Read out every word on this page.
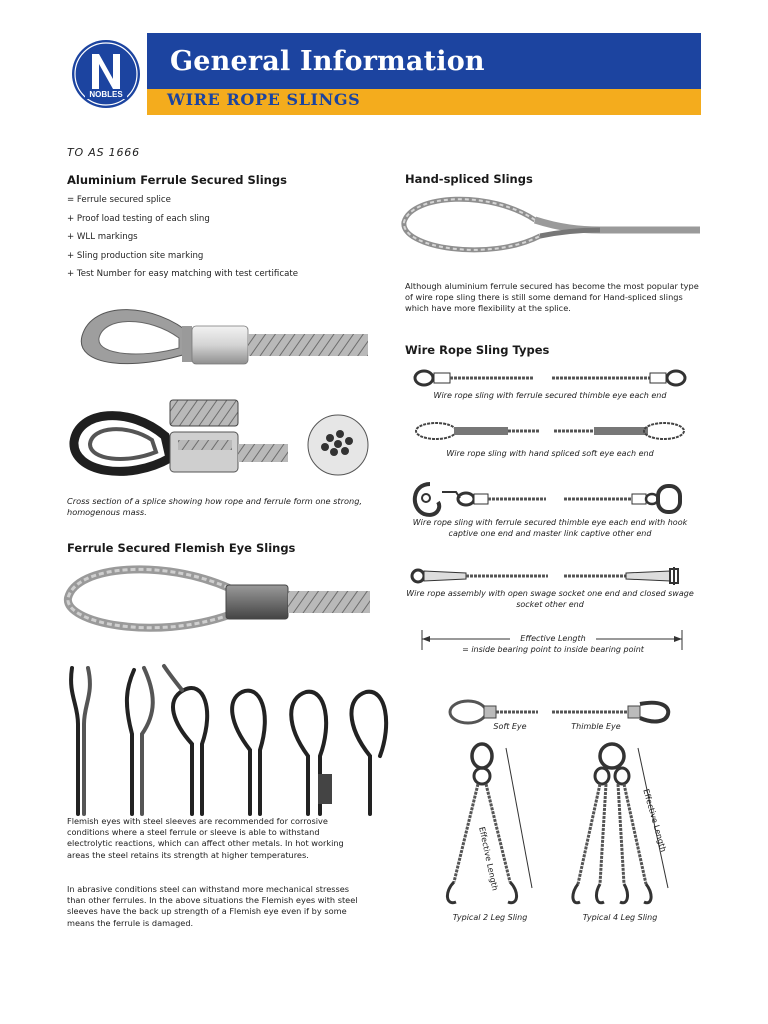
NOBLES
General Information
WIRE ROPE SLINGS
TO AS 1666
Aluminium Ferrule Secured Slings
= Ferrule secured splice
+ Proof load testing of each sling
+ WLL markings
+ Sling production site marking
+ Test Number for easy matching with test certificate
Cross section of a splice showing how rope and ferrule form one strong, homogenous mass.
Ferrule Secured Flemish Eye Slings
Flemish eyes with steel sleeves are recommended for corrosive conditions where a steel ferrule or sleeve is able to withstand electrolytic reactions, which can affect other metals. In hot working areas the steel retains its strength at higher temperatures.
In abrasive conditions steel can withstand more mechanical stresses than other ferrules. In the above situations the Flemish eyes with steel sleeves have the back up strength of a Flemish eye even if by some means the ferrule is damaged.
Hand-spliced Slings
Although aluminium ferrule secured has become the most popular type of wire rope sling there is still some demand for Hand-spliced slings which have more flexibility at the splice.
Wire Rope Sling Types
Wire rope sling with ferrule secured thimble eye each end
Wire rope sling with hand spliced soft eye each end
Wire rope sling with ferrule secured thimble eye each end with hook captive one end and master link captive other end
Wire rope assembly with open swage socket one end and closed swage socket other end
Effective Length
= inside bearing point to inside bearing point
Soft Eye	Thimble Eye
Effective Length
Effective Length
Typical 2 Leg Sling	Typical 4 Leg Sling
